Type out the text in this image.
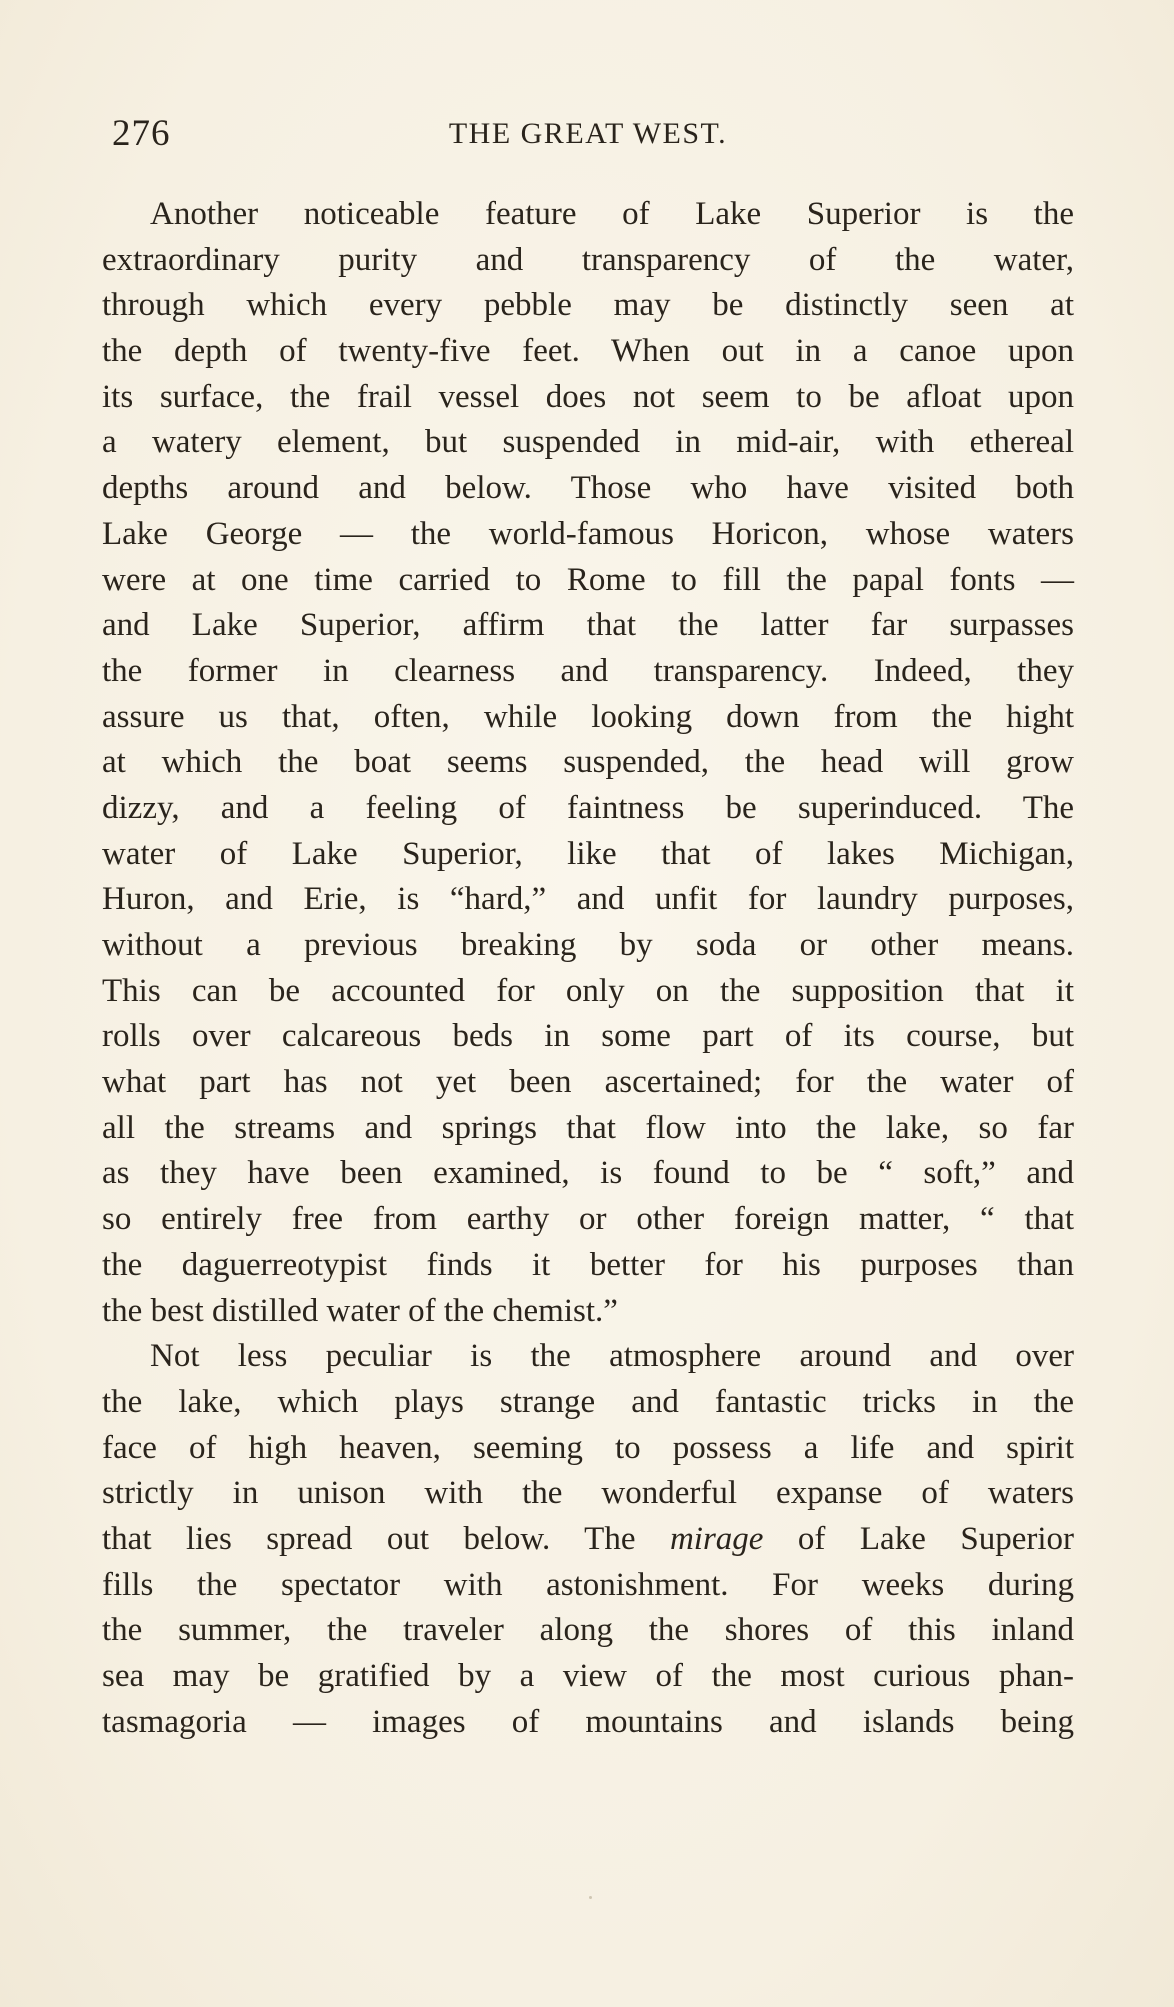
276	THE GREAT WEST.
Another noticeable feature of Lake Superior is the
extraordinary purity and transparency of the water,
through which every pebble may be distinctly seen at
the depth of twenty-five feet. When out in a canoe upon
its surface, the frail vessel does not seem to be afloat upon
a watery element, but suspended in mid-air, with ethereal
depths around and below. Those who have visited both
Lake George — the world-famous Horicon, whose waters
were at one time carried to Rome to fill the papal fonts —
and Lake Superior, affirm that the latter far surpasses
the former in clearness and transparency. Indeed, they
assure us that, often, while looking down from the hight
at which the boat seems suspended, the head will grow
dizzy, and a feeling of faintness be superinduced. The
water of Lake Superior, like that of lakes Michigan,
Huron, and Erie, is “hard,” and unfit for laundry purposes,
without a previous breaking by soda or other means.
This can be accounted for only on the supposition that it
rolls over calcareous beds in some part of its course, but
what part has not yet been ascertained; for the water of
all the streams and springs that flow into the lake, so far
as they have been examined, is found to be “ soft,” and
so entirely free from earthy or other foreign matter, “ that
the daguerreotypist finds it better for his purposes than
the best distilled water of the chemist.”
Not less peculiar is the atmosphere around and over
the lake, which plays strange and fantastic tricks in the
face of high heaven, seeming to possess a life and spirit
strictly in unison with the wonderful expanse of waters
that lies spread out below. The mirage of Lake Superior
fills the spectator with astonishment. For weeks during
the summer, the traveler along the shores of this inland
sea may be gratified by a view of the most curious phan-
tasmagoria — images of mountains and islands being
